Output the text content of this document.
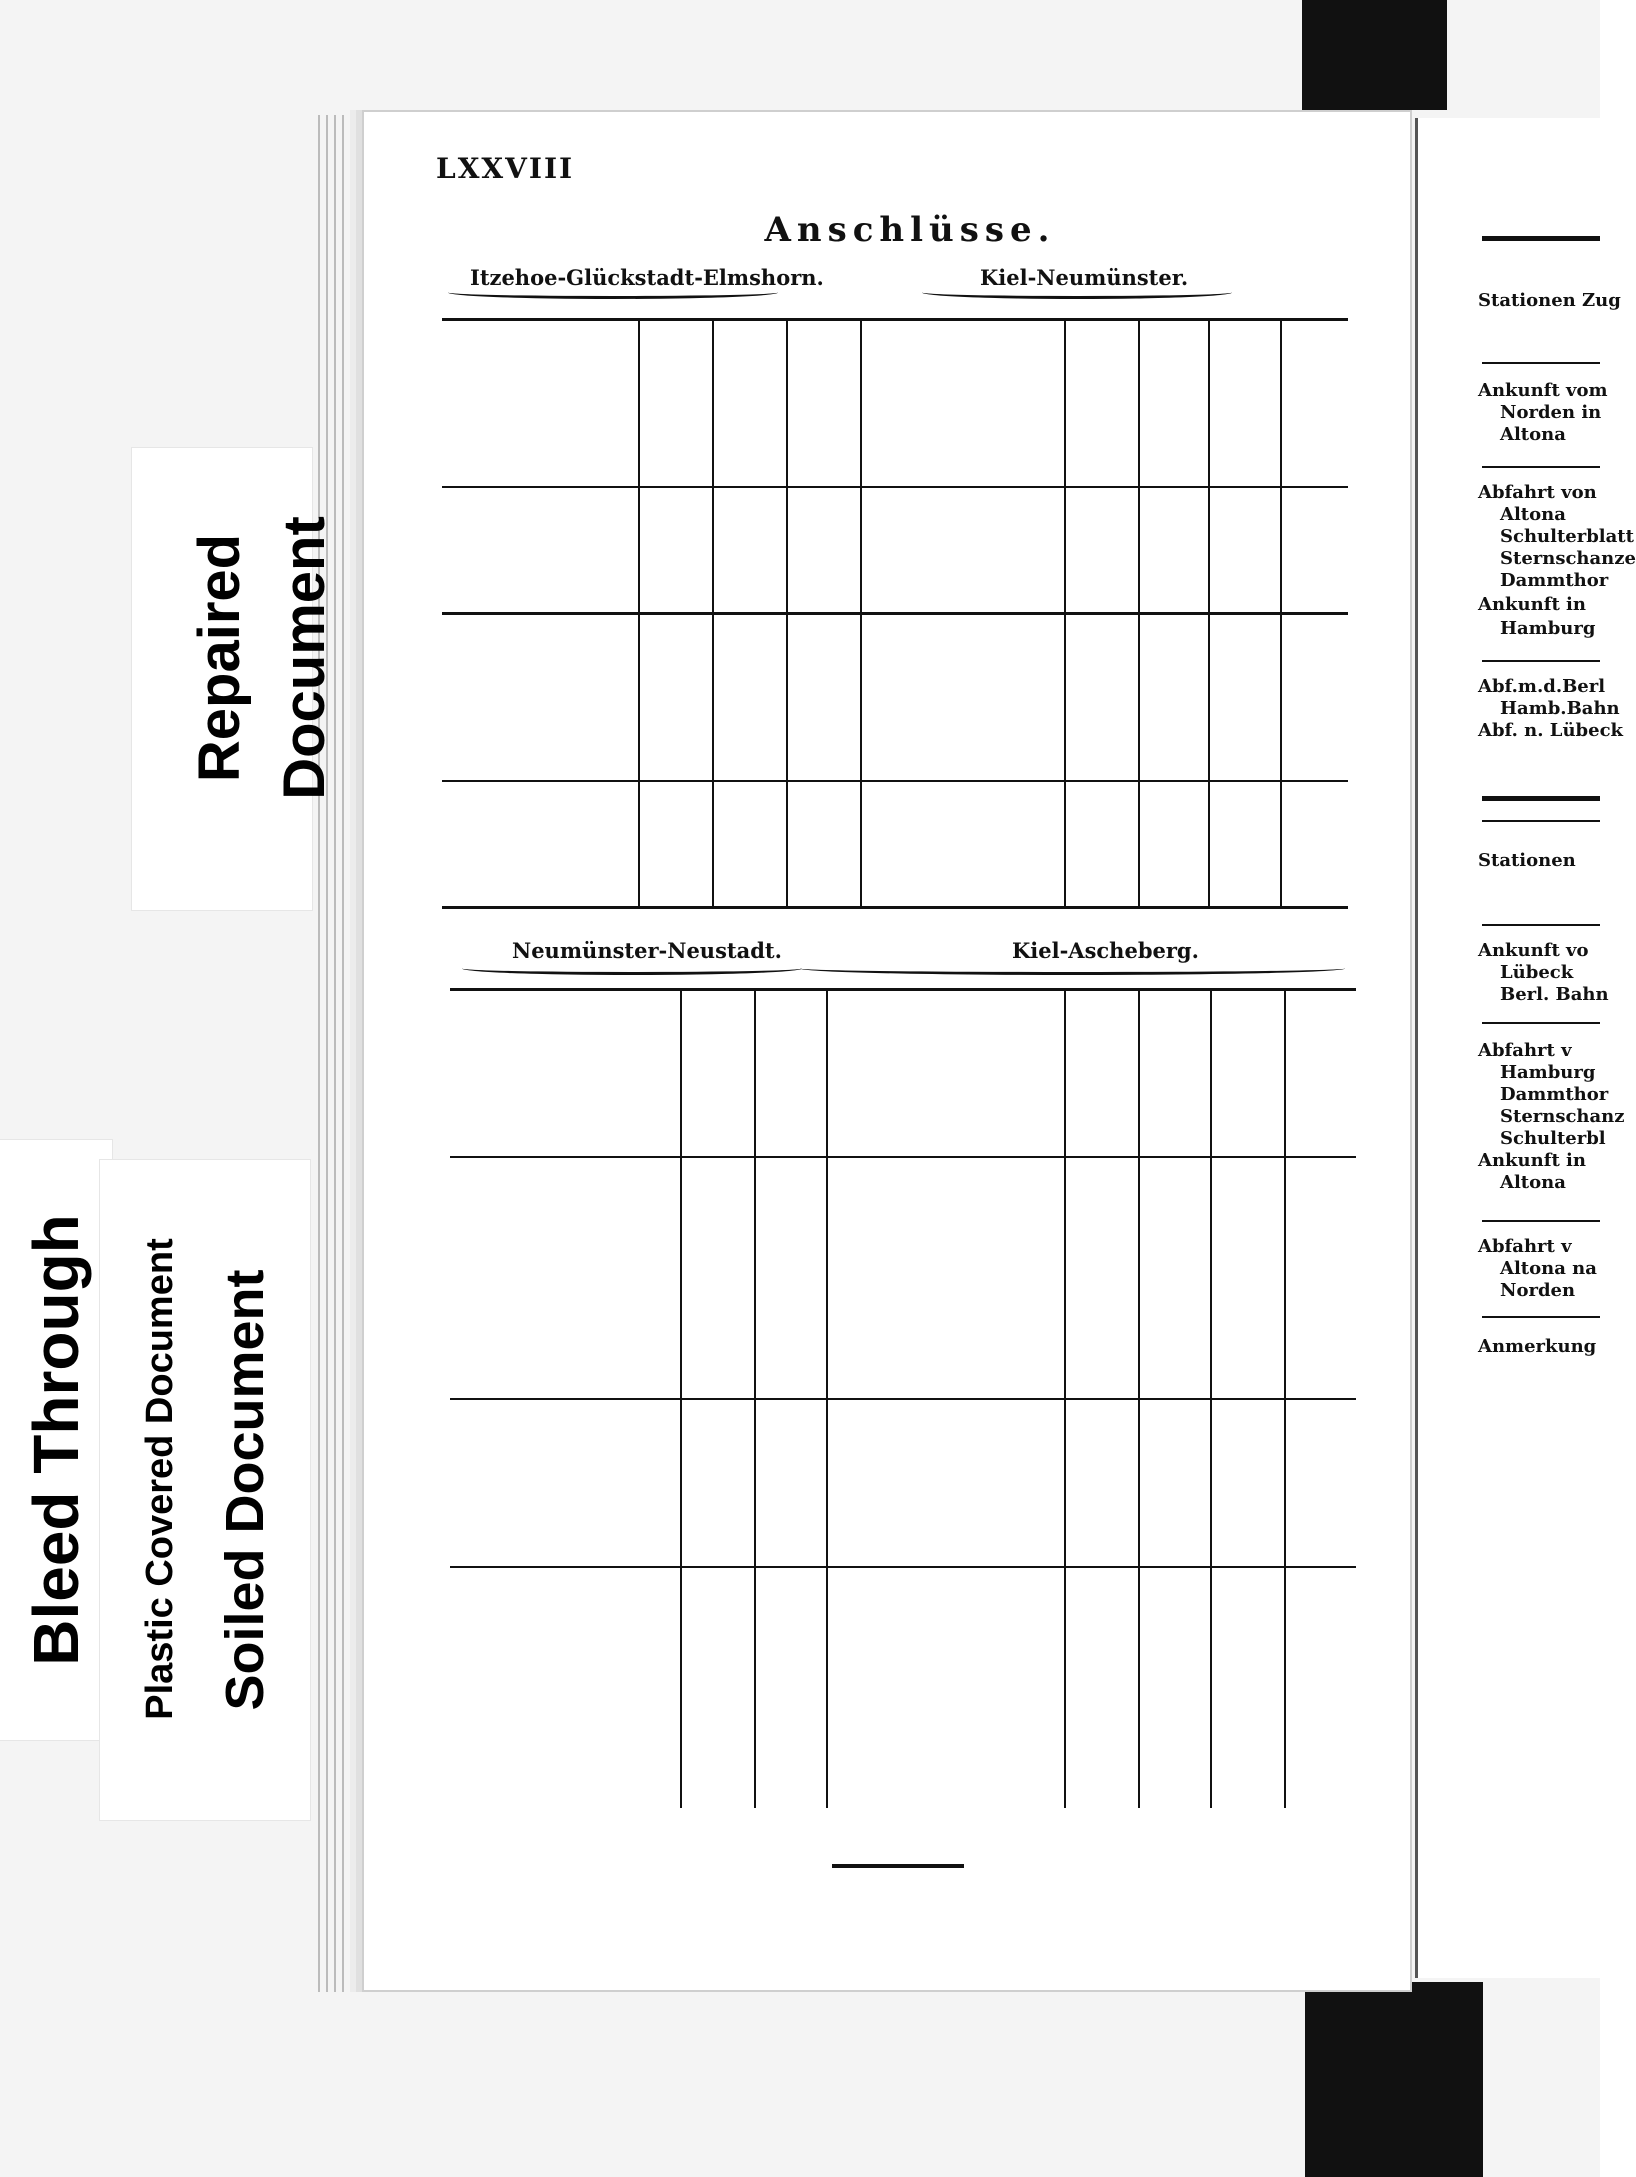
Repaired Document
Bleed Through Plastic Covered Document Soiled Document
LXXVIII
Anschlüsse.
Itzehoe-Glückstadt-Elmshorn.	Kiel-Neumünster.
Neumünster-Neustadt.	Kiel-Ascheberg.
Stationen Zug
Ankunft vom
Norden in
Altona
Abfahrt von
Altona
Schulterblatt
Sternschanze
Dammthor
Ankunft in
Hamburg
Abf.m.d.Berl
Hamb.Bahn
Abf. n. Lübeck
Stationen
Ankunft vo
Lübeck
Berl. Bahn
Abfahrt v
Hamburg
Dammthor
Sternschanz
Schulterbl
Ankunft in
Altona
Abfahrt v
Altona na
Norden
Anmerkung
